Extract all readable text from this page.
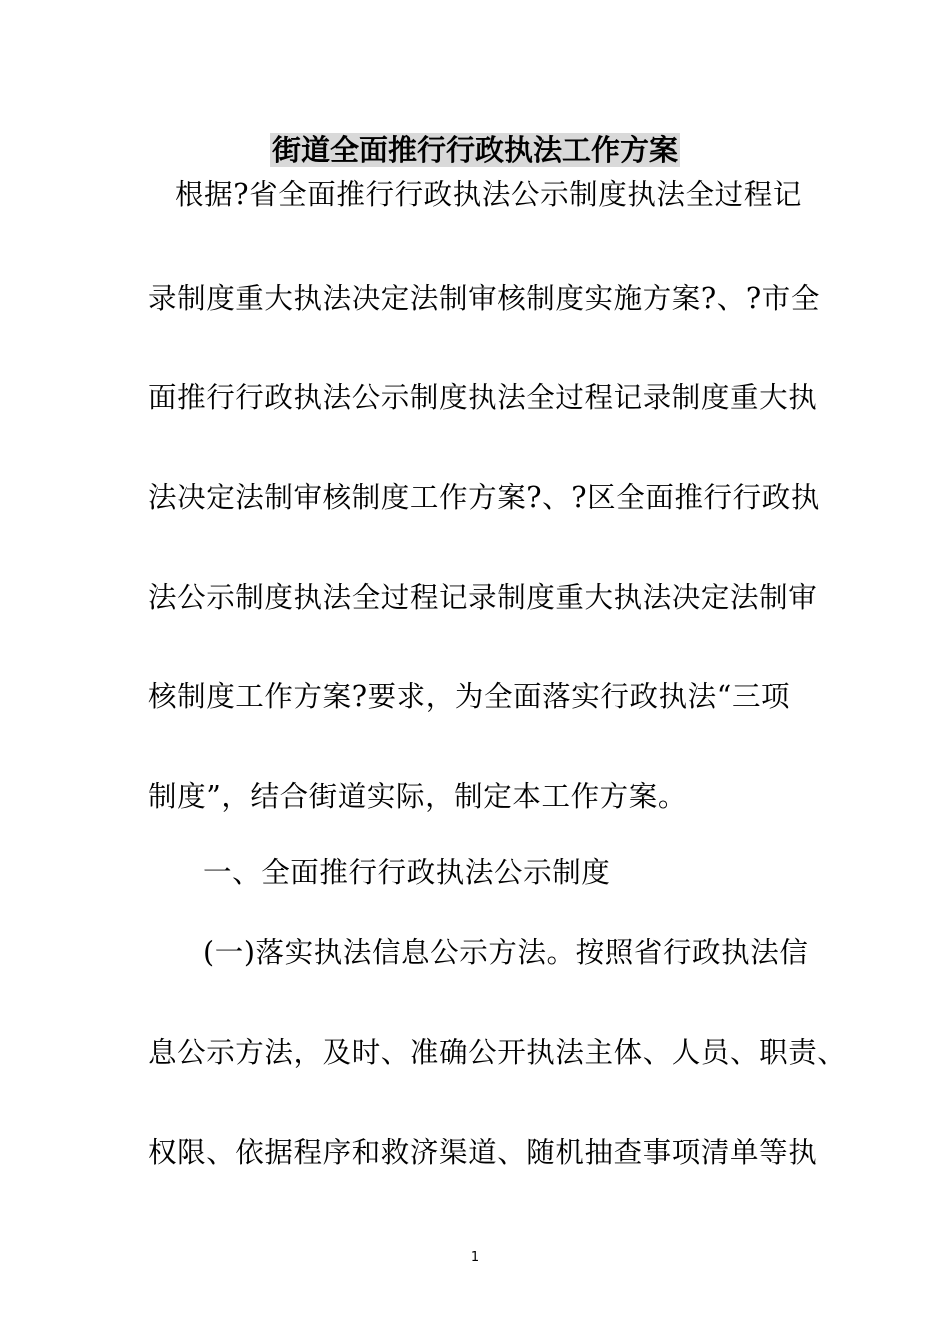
街道全面推行行政执法工作方案
根据?省全面推行行政执法公示制度执法全过程记
录制度重大执法决定法制审核制度实施方案?、?市全
面推行行政执法公示制度执法全过程记录制度重大执
法决定法制审核制度工作方案?、?区全面推行行政执
法公示制度执法全过程记录制度重大执法决定法制审
核制度工作方案?要求，为全面落实行政执法“三项
制度”，结合街道实际，制定本工作方案。
一、全面推行行政执法公示制度
(一)落实执法信息公示方法。按照省行政执法信
息公示方法，及时、准确公开执法主体、人员、职责、
权限、依据程序和救济渠道、随机抽查事项清单等执
1
